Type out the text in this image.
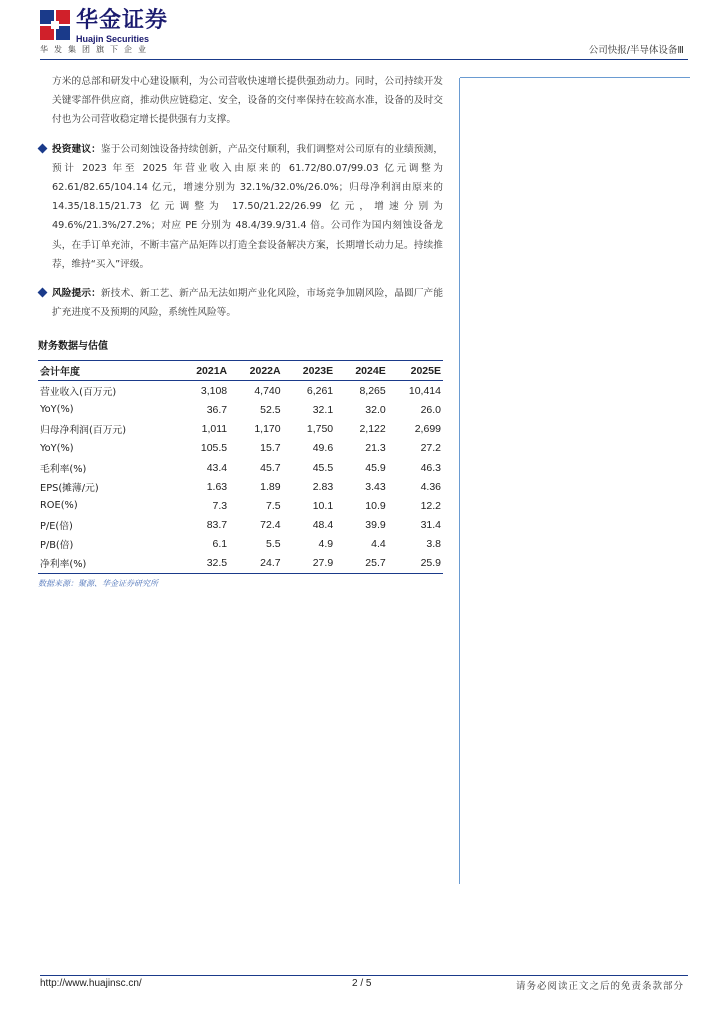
华金证券
Huajin Securities
华发集团旗下企业	公司快报/半导体设备Ⅲ

方米的总部和研发中心建设顺利，为公司营收快速增长提供强劲动力。同时，公司持续开发关键零部件供应商，推动供应链稳定、安全，设备的交付率保持在较高水准，设备的及时交付也为公司营收稳定增长提供强有力支撑。

投资建议：鉴于公司刻蚀设备持续创新，产品交付顺利，我们调整对公司原有的业绩预测，预计 2023 年至 2025 年营业收入由原来的 61.72/80.07/99.03 亿元调整为 62.61/82.65/104.14 亿元，增速分别为 32.1%/32.0%/26.0%；归母净利润由原来的 14.35/18.15/21.73 亿元调整为 17.50/21.22/26.99 亿元，增速分别为 49.6%/21.3%/27.2%；对应 PE 分别为 48.4/39.9/31.4 倍。公司作为国内刻蚀设备龙头，在手订单充沛，不断丰富产品矩阵以打造全套设备解决方案，长期增长动力足。持续推荐，维持“买入”评级。

风险提示：新技术、新工艺、新产品无法如期产业化风险，市场竞争加剧风险，晶圆厂产能扩充进度不及预期的风险，系统性风险等。

财务数据与估值
会计年度	2021A	2022A	2023E	2024E	2025E
营业收入(百万元)	3,108	4,740	6,261	8,265	10,414
YoY(%)	36.7	52.5	32.1	32.0	26.0
归母净利润(百万元)	1,011	1,170	1,750	2,122	2,699
YoY(%)	105.5	15.7	49.6	21.3	27.2
毛利率(%)	43.4	45.7	45.5	45.9	46.3
EPS(摊薄/元)	1.63	1.89	2.83	3.43	4.36
ROE(%)	7.3	7.5	10.1	10.9	12.2
P/E(倍)	83.7	72.4	48.4	39.9	31.4
P/B(倍)	6.1	5.5	4.9	4.4	3.8
净利率(%)	32.5	24.7	27.9	25.7	25.9
数据来源：聚源、华金证券研究所
http://www.huajinsc.cn/	2 / 5	请务必阅读正文之后的免责条款部分
